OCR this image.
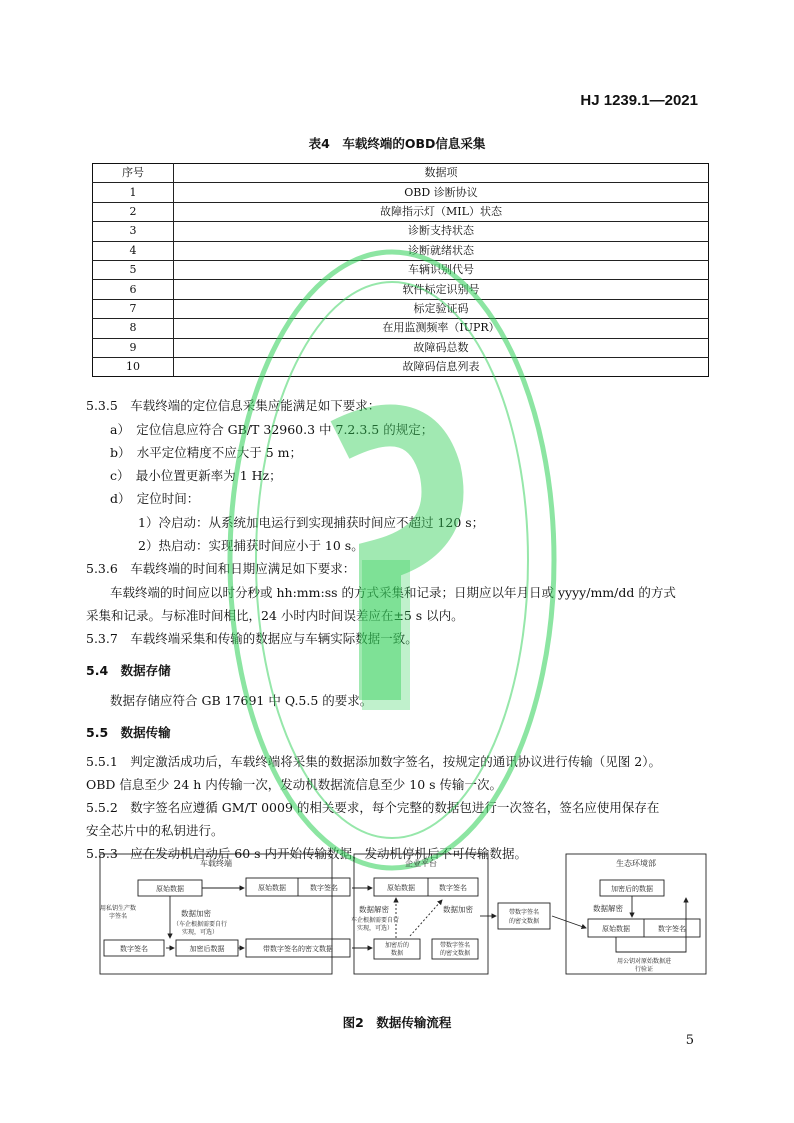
HJ 1239.1—2021
表4　车载终端的OBD信息采集
序号	数据项
1	OBD 诊断协议
2	故障指示灯（MIL）状态
3	诊断支持状态
4	诊断就绪状态
5	车辆识别代号
6	软件标定识别号
7	标定验证码
8	在用监测频率（IUPR）
9	故障码总数
10	故障码信息列表
5.3.5　车载终端的定位信息采集应能满足如下要求：
a）　定位信息应符合 GB/T 32960.3 中 7.2.3.5 的规定；
b）　水平定位精度不应大于 5 m；
c）　最小位置更新率为 1 Hz；
d）　定位时间：
1）冷启动：从系统加电运行到实现捕获时间应不超过 120 s；
2）热启动：实现捕获时间应小于 10 s。
5.3.6　车载终端的时间和日期应满足如下要求：
车载终端的时间应以时分秒或 hh:mm:ss 的方式采集和记录；日期应以年月日或 yyyy/mm/dd 的方式
采集和记录。与标准时间相比，24 小时内时间误差应在±5 s 以内。
5.3.7　车载终端采集和传输的数据应与车辆实际数据一致。
5.4　数据存储
数据存储应符合 GB 17691 中 Q.5.5 的要求。
5.5　数据传输
5.5.1　判定激活成功后，车载终端将采集的数据添加数字签名，按规定的通讯协议进行传输（见图 2）。
OBD 信息至少 24 h 内传输一次，发动机数据流信息至少 10 s 传输一次。
5.5.2　数字签名应遵循 GM/T 0009 的相关要求，每个完整的数据包进行一次签名，签名应使用保存在
安全芯片中的私钥进行。
5.5.3　应在发动机启动后 60 s 内开始传输数据，发动机停机后不可传输数据。
车载终端	企业平台	生态环境部
原始数据
数字签名	加密后数据
原始数据	数字签名
带数字签名的密文数据
原始数据	数字签名
加密后的
数据
带数字签名
的密文数据
带数字签名
的密文数据
加密后的数据
原始数据	数字签名
用私钥生产数
字签名	数据加密
（车企根据需要自行
实现，可选）
数据解密
车企根据需要自行
实现，可选）
数据加密	数据解密
用公钥对原始数据进
行验证
图2　数据传输流程
5
